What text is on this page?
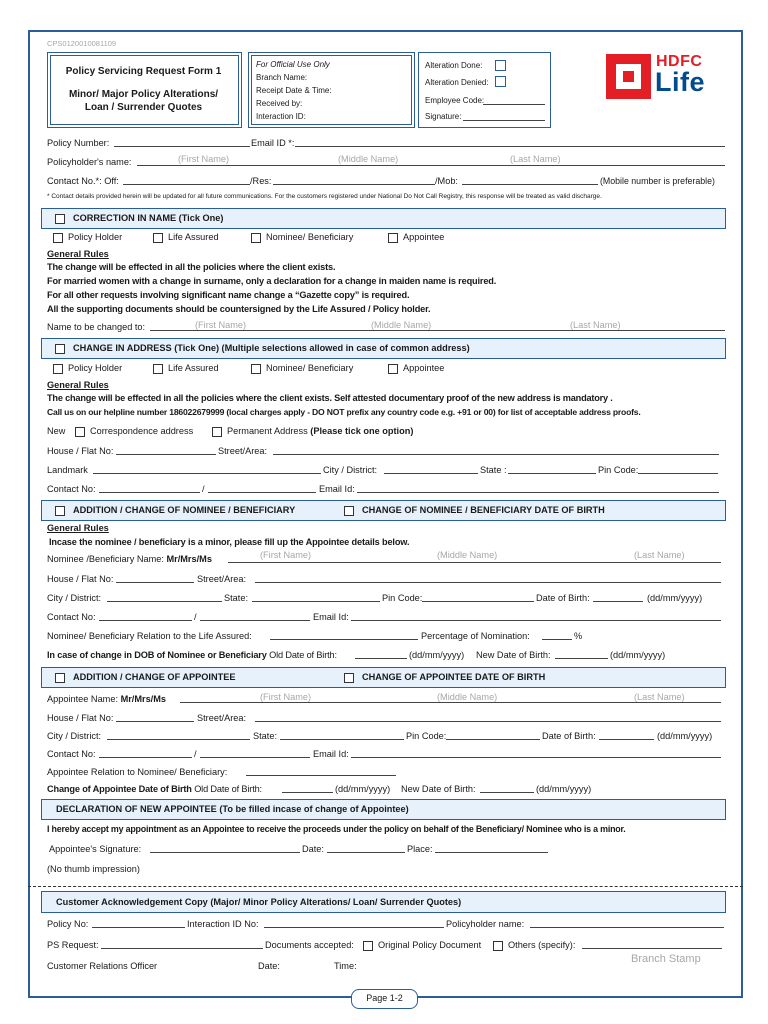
CPS0120010081109
Policy Servicing Request Form 1
Minor/ Major Policy Alterations/
Loan / Surrender Quotes
For Official Use Only
Branch Name:
Receipt Date & Time:
Received by:
Interaction ID:
Alteration Done:
Alteration Denied:
Employee Code:
Signature:
HDFC
Life
Policy Number:	Email ID *:
Policyholder's name:	(First Name)	(Middle Name)	(Last Name)
Contact No.*: Off:	/Res:	/Mob:	(Mobile number is preferable)
* Contact details provided herein will be updated for all future communications. For the customers registered under National Do Not Call Registry, this response will be treated as valid discharge.
CORRECTION IN NAME (Tick One)
Policy Holder	Life Assured	Nominee/ Beneficiary	Appointee
General Rules
The change will be effected in all the policies where the client exists.
For married women with a change in surname, only a declaration for a change in maiden name is required.
For all other requests involving significant name change a “Gazette copy” is required.
All the supporting documents should be countersigned by the Life Assured / Policy holder.
Name to be changed to:	(First Name)	(Middle Name)	(Last Name)
CHANGE IN ADDRESS (Tick One) (Multiple selections allowed in case of common address)
Policy Holder	Life Assured	Nominee/ Beneficiary	Appointee
General Rules
The change will be effected in all the policies where the client exists. Self attested documentary proof of the new address is mandatory .
Call us on our helpline number 186022679999 (local charges apply - DO NOT prefix any country code e.g. +91 or 00) for list of acceptable address proofs.
New	Correspondence address	Permanent Address (Please tick one option)
House / Flat No:	Street/Area:
Landmark	City / District:	State :	Pin Code:
Contact No:	/	Email Id:
ADDITION / CHANGE OF NOMINEE / BENEFICIARY	CHANGE OF NOMINEE / BENEFICIARY DATE OF BIRTH
General Rules
Incase the nominee / beneficiary is a minor, please fill up the Appointee details below.
Nominee /Beneficiary Name: Mr/Mrs/Ms	(First Name)	(Middle Name)	(Last Name)
House / Flat No:	Street/Area:
City / District:	State:	Pin Code:	Date of Birth:	(dd/mm/yyyy)
Contact No:	/	Email Id:
Nominee/ Beneficiary Relation to the Life Assured:	Percentage of Nomination:	%
In case of change in DOB of Nominee or Beneficiary Old Date of Birth:	(dd/mm/yyyy) New Date of Birth:	(dd/mm/yyyy)
ADDITION / CHANGE OF APPOINTEE	CHANGE OF APPOINTEE DATE OF BIRTH
Appointee Name: Mr/Mrs/Ms	(First Name)	(Middle Name)	(Last Name)
House / Flat No:	Street/Area:
City / District:	State:	Pin Code:	Date of Birth:	(dd/mm/yyyy)
Contact No:	/	Email Id:
Appointee Relation to Nominee/ Beneficiary:
Change of Appointee Date of Birth Old Date of Birth:	(dd/mm/yyyy) New Date of Birth:	(dd/mm/yyyy)
DECLARATION OF NEW APPOINTEE (To be filled incase of change of Appointee)
I hereby accept my appointment as an Appointee to receive the proceeds under the policy on behalf of the Beneficiary/ Nominee who is a minor.
Appointee's Signature:	Date:	Place:
(No thumb impression)
Customer Acknowledgement Copy (Major/ Minor Policy Alterations/ Loan/ Surrender Quotes)
Policy No:	Interaction ID No:	Policyholder name:
PS Request:	Documents accepted:	Original Policy Document	Others (specify):
Customer Relations Officer	Date:	Time:
Branch Stamp
Page 1-2
